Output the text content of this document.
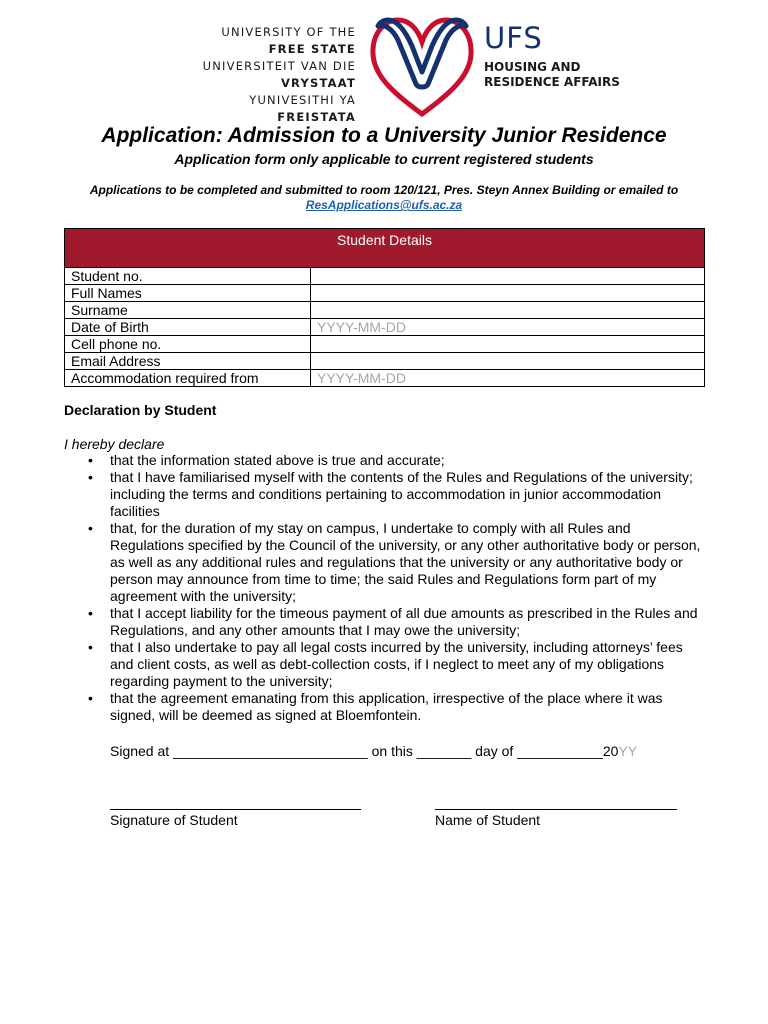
UNIVERSITY OF THE
FREE STATE
UNIVERSITEIT VAN DIE
VRYSTAAT
YUNIVESITHI YA
FREISTATA
UFS
HOUSING AND
RESIDENCE AFFAIRS
Application: Admission to a University Junior Residence
Application form only applicable to current registered students
Applications to be completed and submitted to room 120/121, Pres. Steyn Annex Building or emailed to
ResApplications@ufs.ac.za
Student Details	
Student no.	
Full Names	
Surname	
Date of Birth	YYYY-MM-DD
Cell phone no.	
Email Address	
Accommodation required from	YYYY-MM-DD
Declaration by Student
I hereby declare
• that the information stated above is true and accurate;
• that I have familiarised myself with the contents of the Rules and Regulations of the university; including the terms and conditions pertaining to accommodation in junior accommodation facilities
• that, for the duration of my stay on campus, I undertake to comply with all Rules and Regulations specified by the Council of the university, or any other authoritative body or person, as well as any additional rules and regulations that the university or any authoritative body or person may announce from time to time; the said Rules and Regulations form part of my agreement with the university;
• that I accept liability for the timeous payment of all due amounts as prescribed in the Rules and Regulations, and any other amounts that I may owe the university;
• that I also undertake to pay all legal costs incurred by the university, including attorneys’ fees and client costs, as well as debt-collection costs, if I neglect to meet any of my obligations regarding payment to the university;
• that the agreement emanating from this application, irrespective of the place where it was signed, will be deemed as signed at Bloemfontein.
Signed at _________________________ on this _______ day of ___________20YY
Signature of Student	Name of Student
